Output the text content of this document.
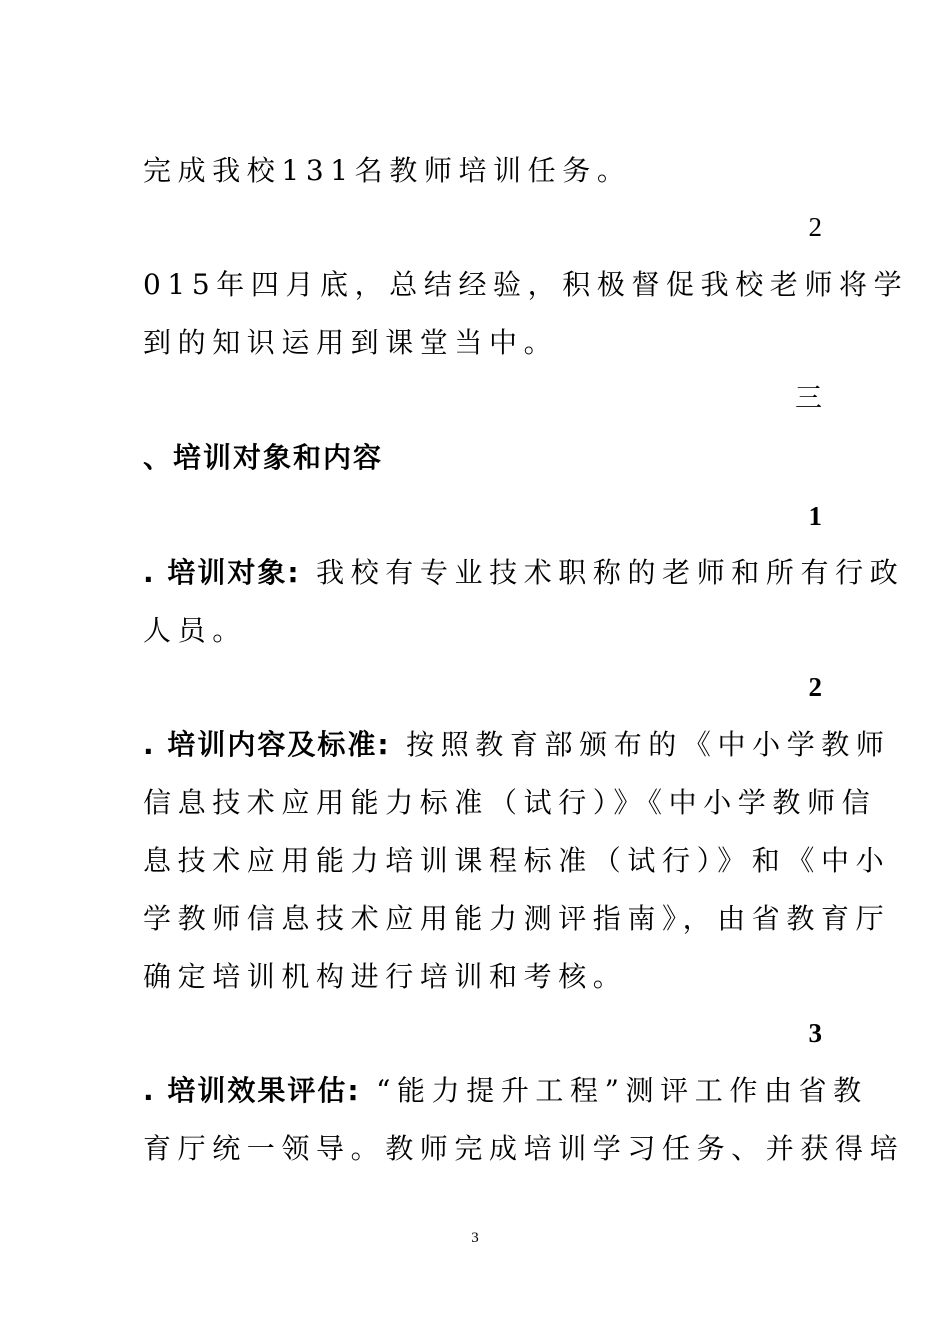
完成我校131名教师培训任务。
2
015年四月底，总结经验，积极督促我校老师将学
到的知识运用到课堂当中。
三
、培训对象和内容
1
. 培训对象: 我校有专业技术职称的老师和所有行政
人员。
2
. 培训内容及标准: 按照教育部颁布的《中小学教师
信息技术应用能力标准（试行）》《中小学教师信
息技术应用能力培训课程标准（试行）》和《中小
学教师信息技术应用能力测评指南》，由省教育厅
确定培训机构进行培训和考核。
3
. 培训效果评估: “能力提升工程”测评工作由省教
育厅统一领导。教师完成培训学习任务、并获得培
3
